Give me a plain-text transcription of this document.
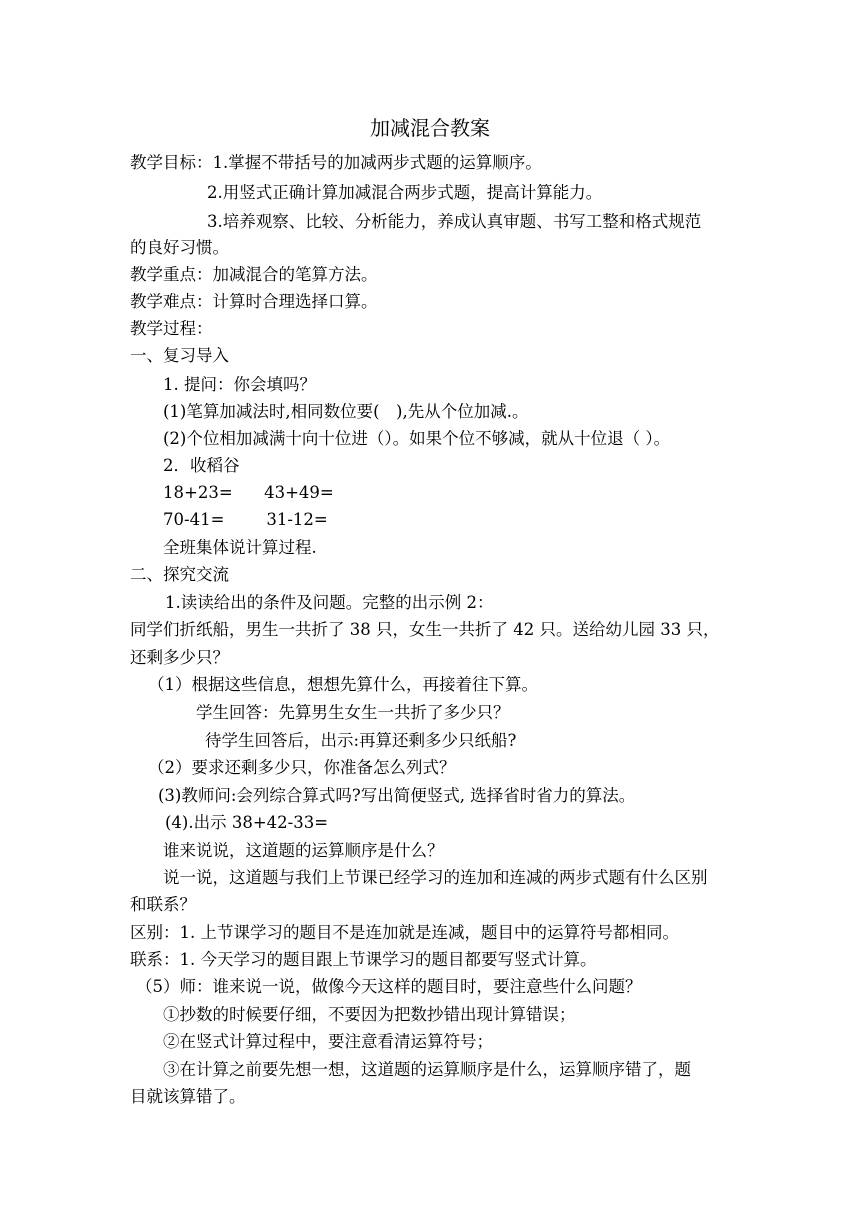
加减混合教案
教学目标：1.掌握不带括号的加减两步式题的运算顺序。
2.用竖式正确计算加减混合两步式题，提高计算能力。
3.培养观察、比较、分析能力，养成认真审题、书写工整和格式规范
的良好习惯。
教学重点：加减混合的笔算方法。
教学难点：计算时合理选择口算。
教学过程：
一、复习导入
1. 提问：你会填吗？
(1)笔算加减法时,相同数位要(　),先从个位加减.。
(2)个位相加减满十向十位进（）。如果个位不够减，就从十位退（ ）。
2．收稻谷
18+23=      43+49=
70-41=        31-12=
全班集体说计算过程.
二、探究交流
1.读读给出的条件及问题。完整的出示例 2：
同学们折纸船，男生一共折了 38 只，女生一共折了 42 只。送给幼儿园 33 只，
还剩多少只？
（1）根据这些信息，想想先算什么，再接着往下算。
学生回答：先算男生女生一共折了多少只？
待学生回答后，出示:再算还剩多少只纸船?
（2）要求还剩多少只，你准备怎么列式？
(3)教师问:会列综合算式吗?写出简便竖式, 选择省时省力的算法。
(4).出示 38+42-33=
谁来说说，这道题的运算顺序是什么？
说一说，这道题与我们上节课已经学习的连加和连减的两步式题有什么区别
和联系？
区别：1. 上节课学习的题目不是连加就是连减，题目中的运算符号都相同。
联系：1. 今天学习的题目跟上节课学习的题目都要写竖式计算。
（5）师：谁来说一说，做像今天这样的题目时，要注意些什么问题？
①抄数的时候要仔细，不要因为把数抄错出现计算错误；
②在竖式计算过程中，要注意看清运算符号；
③在计算之前要先想一想，这道题的运算顺序是什么，运算顺序错了，题
目就该算错了。
